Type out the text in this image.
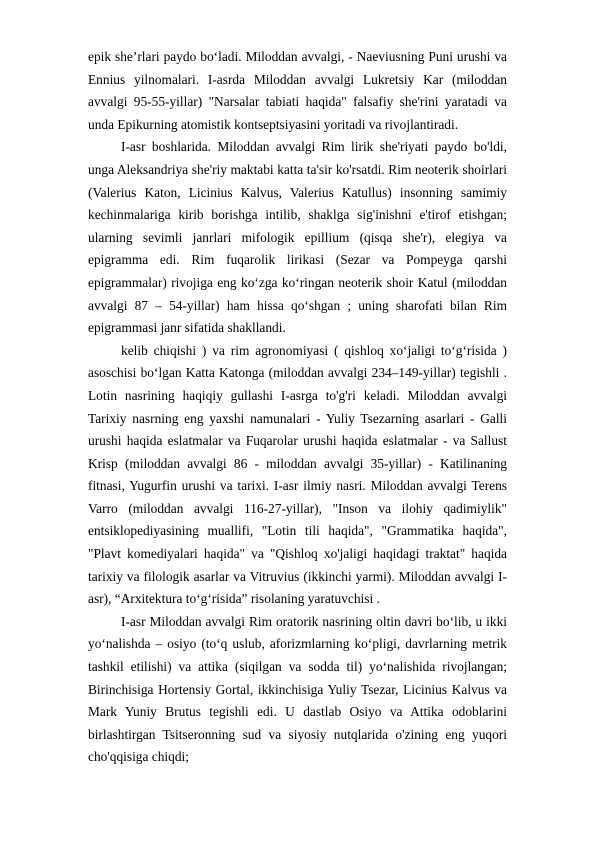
epik she’rlari paydo bo‘ladi. Miloddan avvalgi, - Naeviusning Puni urushi va Ennius yilnomalari. I-asrda Miloddan avvalgi Lukretsiy Kar (miloddan avvalgi 95-55-yillar) "Narsalar tabiati haqida" falsafiy she'rini yaratadi va unda Epikurning atomistik kontseptsiyasini yoritadi va rivojlantiradi.

I-asr boshlarida. Miloddan avvalgi Rim lirik she'riyati paydo bo'ldi, unga Aleksandriya she'riy maktabi katta ta'sir ko'rsatdi. Rim neoterik shoirlari (Valerius Katon, Licinius Kalvus, Valerius Katullus) insonning samimiy kechinmalariga kirib borishga intilib, shaklga sig'inishni e'tirof etishgan; ularning sevimli janrlari mifologik epillium (qisqa she'r), elegiya va epigramma edi. Rim fuqarolik lirikasi (Sezar va Pompeyga qarshi epigrammalar) rivojiga eng ko‘zga ko‘ringan neoterik shoir Katul (miloddan avvalgi 87 – 54-yillar) ham hissa qo‘shgan ; uning sharofati bilan Rim epigrammasi janr sifatida shakllandi.

kelib chiqishi ) va rim agronomiyasi ( qishloq xo‘jaligi to‘g‘risida ) asoschisi bo‘lgan Katta Katonga (miloddan avvalgi 234–149-yillar) tegishli . Lotin nasrining haqiqiy gullashi I-asrga to'g'ri keladi. Miloddan avvalgi Tarixiy nasrning eng yaxshi namunalari - Yuliy Tsezarning asarlari - Galli urushi haqida eslatmalar va Fuqarolar urushi haqida eslatmalar - va Sallust Krisp (miloddan avvalgi 86 - miloddan avvalgi 35-yillar) - Katilinaning fitnasi, Yugurfin urushi va tarixi. I-asr ilmiy nasri. Miloddan avvalgi Terens Varro (miloddan avvalgi 116-27-yillar), "Inson va ilohiy qadimiylik" entsiklopediyasining muallifi, "Lotin tili haqida", "Grammatika haqida", "Plavt komediyalari haqida" va "Qishloq xo'jaligi haqidagi traktat" haqida tarixiy va filologik asarlar va Vitruvius (ikkinchi yarmi). Miloddan avvalgi I-asr), “Arxitektura to‘g‘risida” risolaning yaratuvchisi .

I-asr Miloddan avvalgi Rim oratorik nasrining oltin davri bo‘lib, u ikki yo‘nalishda – osiyo (to‘q uslub, aforizmlarning ko‘pligi, davrlarning metrik tashkil etilishi) va attika (siqilgan va sodda til) yo‘nalishida rivojlangan; Birinchisiga Hortensiy Gortal, ikkinchisiga Yuliy Tsezar, Licinius Kalvus va Mark Yuniy Brutus tegishli edi. U dastlab Osiyo va Attika odoblarini birlashtirgan Tsitseronning sud va siyosiy nutqlarida o'zining eng yuqori cho'qqisiga chiqdi;
